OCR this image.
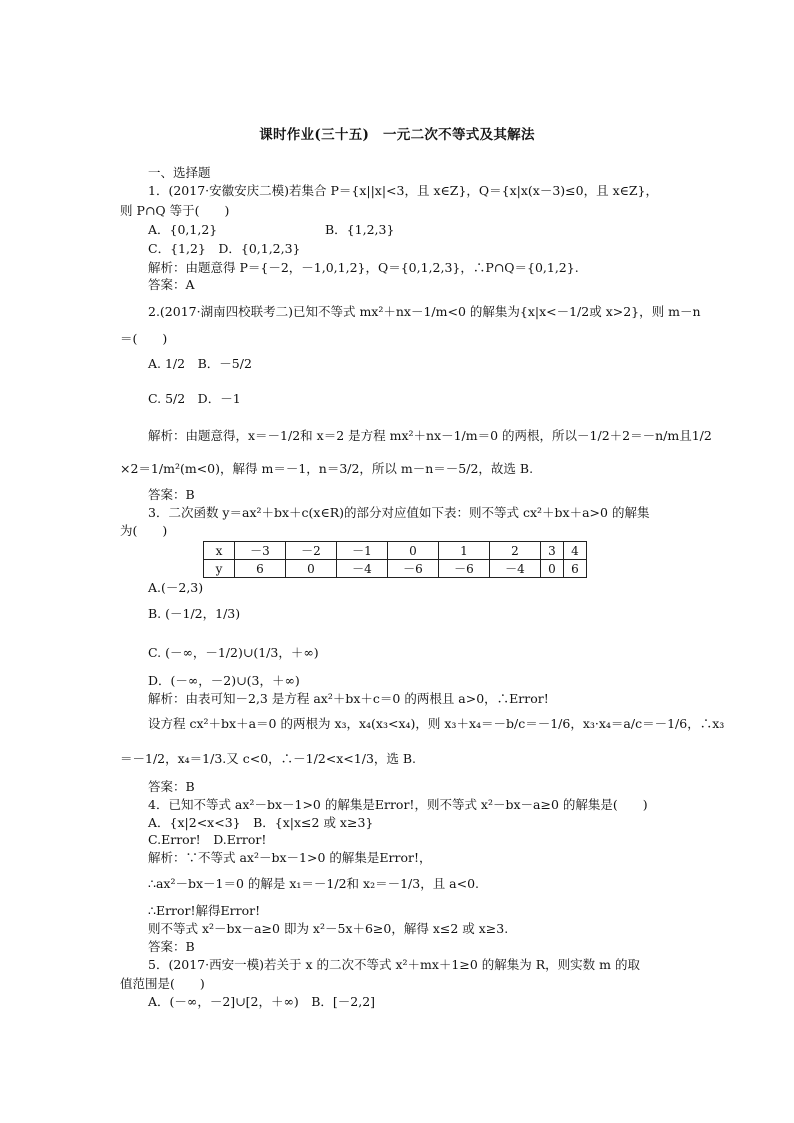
课时作业(三十五)　一元二次不等式及其解法
一、选择题
1．(2017·安徽安庆二模)若集合 P＝{x||x|<3，且 x∈Z}，Q＝{x|x(x－3)≤0，且 x∈Z}，
则 P∩Q 等于(　　)
A．{0,1,2}	B．{1,2,3}
C．{1,2}　D．{0,1,2,3}
解析：由题意得 P＝{－2，－1,0,1,2}，Q＝{0,1,2,3}，∴P∩Q＝{0,1,2}.
答案：A
2.(2017·湖南四校联考二)已知不等式 mx²＋nx－1/m<0 的解集为{x|x<－1/2或 x>2}，则 m－n
＝(　　)
A. 1/2　B．－5/2
C. 5/2　D．－1
解析：由题意得，x＝－1/2和 x＝2 是方程 mx²＋nx－1/m＝0 的两根，所以－1/2＋2＝－n/m且1/2
×2＝1/m²(m<0)，解得 m＝－1，n＝3/2，所以 m－n＝－5/2，故选 B.
答案：B
3．二次函数 y＝ax²＋bx＋c(x∈R)的部分对应值如下表：则不等式 cx²＋bx＋a>0 的解集
为(　　)
x	－3	－2	－1	0	1	2	3	4
y	6	0	－4	－6	－6	－4	0	6
A.(－2,3)
B. (－1/2，1/3)
C. (－∞，－1/2)∪(1/3，＋∞)
D．(－∞，－2)∪(3，＋∞)
解析：由表可知－2,3 是方程 ax²＋bx＋c＝0 的两根且 a>0，∴Error!
设方程 cx²＋bx＋a＝0 的两根为 x₃，x₄(x₃<x₄)，则 x₃＋x₄＝－b/c＝－1/6，x₃·x₄＝a/c＝－1/6，∴x₃
＝－1/2，x₄＝1/3.又 c<0，∴－1/2<x<1/3，选 B.
答案：B
4．已知不等式 ax²－bx－1>0 的解集是Error!，则不等式 x²－bx－a≥0 的解集是(　　)
A．{x|2<x<3}　B．{x|x≤2 或 x≥3}
C.Error!　D.Error!
解析：∵不等式 ax²－bx－1>0 的解集是Error!，
∴ax²－bx－1＝0 的解是 x₁＝－1/2和 x₂＝－1/3，且 a<0.
∴Error!解得Error!
则不等式 x²－bx－a≥0 即为 x²－5x＋6≥0，解得 x≤2 或 x≥3.
答案：B
5．(2017·西安一模)若关于 x 的二次不等式 x²＋mx＋1≥0 的解集为 R，则实数 m 的取
值范围是(　　)
A．(－∞，－2]∪[2，＋∞)　B．[－2,2]
